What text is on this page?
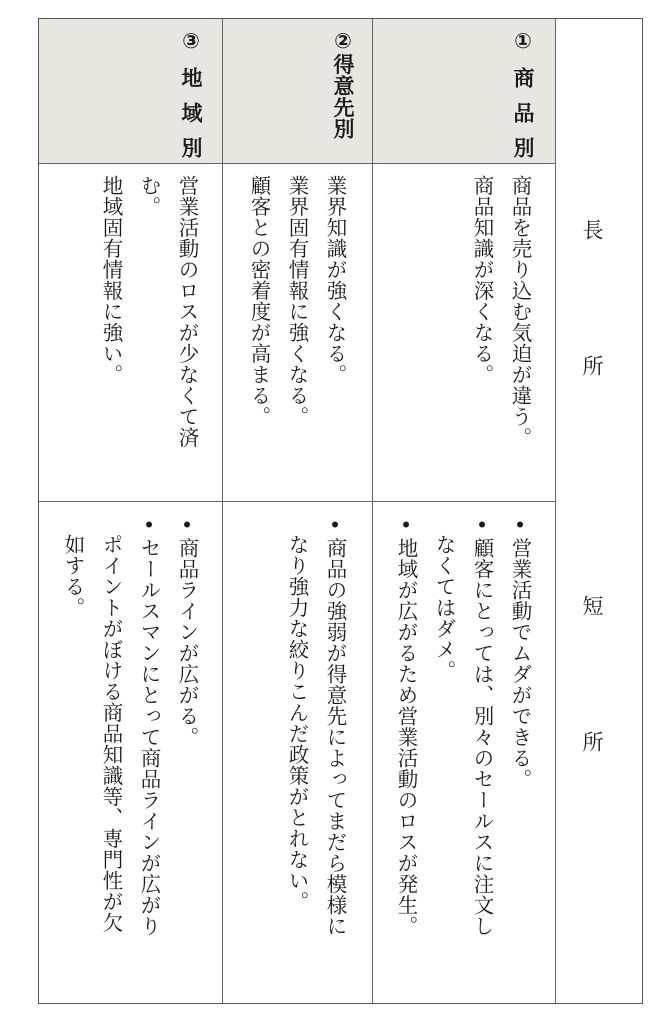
①商品別

②得意先別

③地域別

長　　　所

短　　　所

商品を売り込む気迫が違う。

商品知識が深くなる。

業界知識が強くなる。

業界固有情報に強くなる。

顧客との密着度が高まる。

営業活動のロスが少なくて済

む。

地域固有情報に強い。

•営業活動でムダができる。

•顧客にとっては、別々のセールスに注文し

　なくてはダメ。

•地域が広がるため営業活動のロスが発生。

•商品の強弱が得意先によってまだら模様に

　なり強力な絞りこんだ政策がとれない。

•商品ラインが広がる。

•セールスマンにとって商品ラインが広がり

　ポイントがぼける商品知識等、専門性が欠

　如する。
